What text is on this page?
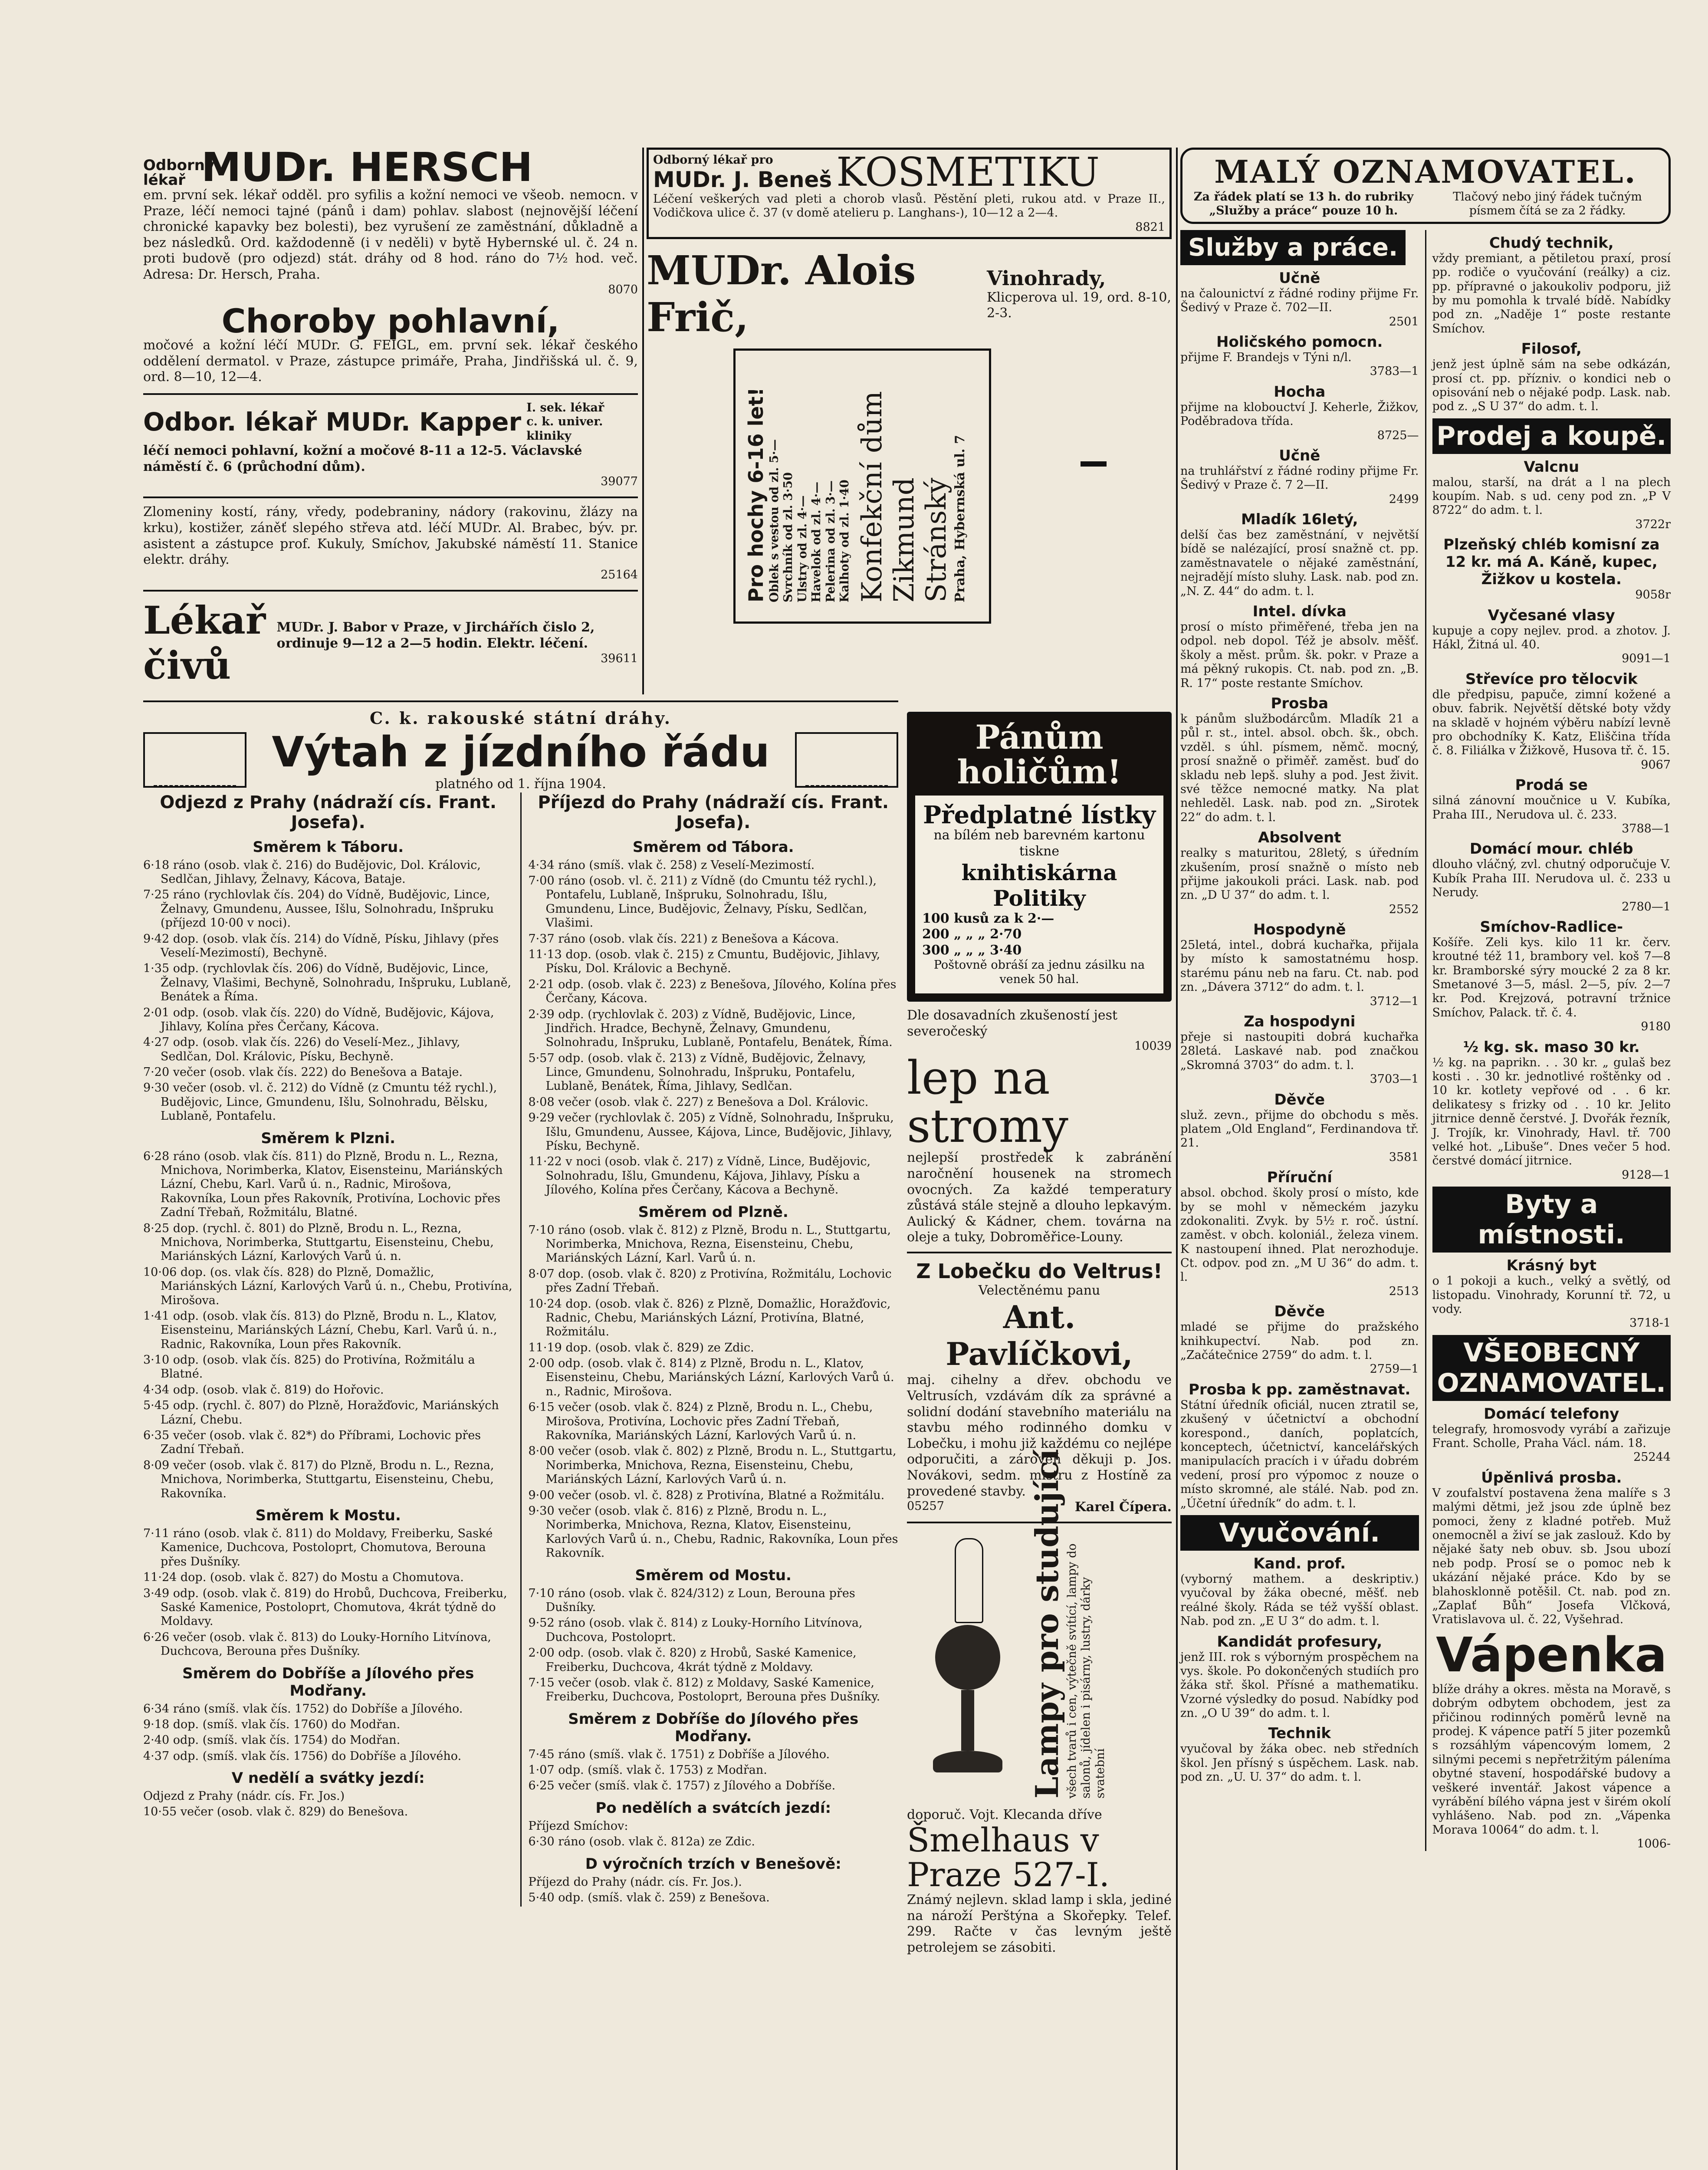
Odborný lékař MUDr. HERSCH
em. první sek. lékař odděl. pro syfilis a kožní nemoci ve všeob. nemocn. v Praze, léčí nemoci tajné (pánů i dam) pohlav. slabost (nejnovější léčení chronické kapavky bez bolesti), bez vyrušení ze zaměstnání, důkladně a bez následků. Ord. každodenně (i v neděli) v bytě Hybernské ul. č. 24 n. proti budově (pro odjezd) stát. dráhy od 8 hod. ráno do 7½ hod. več. Adresa: Dr. Hersch, Praha.
8070
Choroby pohlavní,
močové a kožní léčí MUDr. G. FEIGL, em. první sek. lékař českého oddělení dermatol. v Praze, zástupce primáře, Praha, Jindřišská ul. č. 9, ord. 8—10, 12—4.
Odbor. lékař MUDr. Kapper I. sek. lékař c. k. univer. kliniky
léčí nemoci pohlavní, kožní a močové 8-11 a 12-5. Václavské náměstí č. 6 (průchodní dům).
39077
Zlomeniny kostí, rány, vředy, podebraniny, nádory (rakovinu, žlázy na krku), kostižer, záněť slepého střeva atd. léčí MUDr. Al. Brabec, býv. pr. asistent a zástupce prof. Kukuly, Smíchov, Jakubské náměstí 11. Stanice elektr. dráhy.
25164
Lékař čivů
MUDr. J. Babor v Praze, v Jirchářích čislo 2, ordinuje 9—12 a 2—5 hodin. Elektr. léčení.
39611
Odborný lékař pro
MUDr. J. Beneš KOSMETIKU
Léčení veškerých vad pleti a chorob vlasů. Pěstění pleti, rukou atd. v Praze II., Vodičkova ulice č. 37 (v domě atelieru p. Langhans-), 10—12 a 2—4.
8821
MUDr. Alois Frič,
Vinohrady,
Klicperova ul. 19, ord. 8-10, 2-3.
Pro hochy 6-16 let! Oblek s vestou od zl. 5·— Svrchník od zl. 3·50 Ulstry od zl. 4·— Havelok od zl. 4·— Pelerina od zl. 3·— Kalhoty od zl. 1·40 Konfekční dům Zikmund Stránský Praha, Hybernská ul. 7
C. k. rakouské státní dráhy.
Výtah z jízdního řádu
platného od 1. října 1904.
Odjezd z Prahy (nádraží cís. Frant. Josefa).
Směrem k Táboru.
6·18 ráno (osob. vlak č. 216) do Budějovic, Dol. Královic, Sedlčan, Jihlavy, Želnavy, Kácova, Bataje.
7·25 ráno (rychlovlak čís. 204) do Vídně, Budějovic, Lince, Želnavy, Gmundenu, Aussee, Išlu, Solnohradu, Inšpruku (příjezd 10·00 v noci).
9·42 dop. (osob. vlak čís. 214) do Vídně, Písku, Jihlavy (přes Veselí-Mezimostí), Bechyně.
1·35 odp. (rychlovlak čís. 206) do Vídně, Budějovic, Lince, Želnavy, Vlašimi, Bechyně, Solnohradu, Inšpruku, Lublaně, Benátek a Říma.
2·01 odp. (osob. vlak čís. 220) do Vídně, Budějovic, Kájova, Jihlavy, Kolína přes Čerčany, Kácova.
4·27 odp. (osob. vlak čís. 226) do Veselí-Mez., Jihlavy, Sedlčan, Dol. Královic, Písku, Bechyně.
7·20 večer (osob. vlak čís. 222) do Benešova a Bataje.
9·30 večer (osob. vl. č. 212) do Vídně (z Cmuntu též rychl.), Budějovic, Lince, Gmundenu, Išlu, Solnohradu, Bělsku, Lublaně, Pontafelu.
Směrem k Plzni.
6·28 ráno (osob. vlak čís. 811) do Plzně, Brodu n. L., Rezna, Mnichova, Norimberka, Klatov, Eisensteinu, Mariánských Lázní, Chebu, Karl. Varů ú. n., Radnic, Mirošova, Rakovníka, Loun přes Rakovník, Protivína, Lochovic přes Zadní Třebaň, Rožmitálu, Blatné.
8·25 dop. (rychl. č. 801) do Plzně, Brodu n. L., Rezna, Mnichova, Norimberka, Stuttgartu, Eisensteinu, Chebu, Mariánských Lázní, Karlových Varů ú. n.
10·06 dop. (os. vlak čís. 828) do Plzně, Domažlic, Mariánských Lázní, Karlových Varů ú. n., Chebu, Protivína, Mirošova.
1·41 odp. (osob. vlak čís. 813) do Plzně, Brodu n. L., Klatov, Eisensteinu, Mariánských Lázní, Chebu, Karl. Varů ú. n., Radnic, Rakovníka, Loun přes Rakovník.
3·10 odp. (osob. vlak čís. 825) do Protivína, Rožmitálu a Blatné.
4·34 odp. (osob. vlak č. 819) do Hořovic.
5·45 odp. (rychl. č. 807) do Plzně, Horažďovic, Mariánských Lázní, Chebu.
6·35 večer (osob. vlak č. 82*) do Příbrami, Lochovic přes Zadní Třebaň.
8·09 večer (osob. vlak č. 817) do Plzně, Brodu n. L., Rezna, Mnichova, Norimberka, Stuttgartu, Eisensteinu, Chebu, Rakovníka.
Směrem k Mostu.
7·11 ráno (osob. vlak č. 811) do Moldavy, Freiberku, Saské Kamenice, Duchcova, Postoloprt, Chomutova, Berouna přes Dušníky.
11·24 dop. (osob. vlak č. 827) do Mostu a Chomutova.
3·49 odp. (osob. vlak č. 819) do Hrobů, Duchcova, Freiberku, Saské Kamenice, Postoloprt, Chomutova, 4krát týdně do Moldavy.
6·26 večer (osob. vlak č. 813) do Louky-Horního Litvínova, Duchcova, Berouna přes Dušníky.
Směrem do Dobříše a Jílového přes Modřany.
6·34 ráno (smíš. vlak čís. 1752) do Dobříše a Jílového.
9·18 dop. (smíš. vlak čís. 1760) do Modřan.
2·40 odp. (smíš. vlak čís. 1754) do Modřan.
4·37 odp. (smíš. vlak čís. 1756) do Dobříše a Jílového.
V nedělí a svátky jezdí:
Odjezd z Prahy (nádr. cís. Fr. Jos.)
10·55 večer (osob. vlak č. 829) do Benešova.
Příjezd do Prahy (nádraží cís. Frant. Josefa).
Směrem od Tábora.
4·34 ráno (smíš. vlak č. 258) z Veselí-Mezimostí.
7·00 ráno (osob. vl. č. 211) z Vídně (do Cmuntu též rychl.), Pontafelu, Lublaně, Inšpruku, Solnohradu, Išlu, Gmundenu, Lince, Budějovic, Želnavy, Písku, Sedlčan, Vlašimi.
7·37 ráno (osob. vlak čís. 221) z Benešova a Kácova.
11·13 dop. (osob. vlak č. 215) z Cmuntu, Budějovic, Jihlavy, Písku, Dol. Královic a Bechyně.
2·21 odp. (osob. vlak č. 223) z Benešova, Jílového, Kolína přes Čerčany, Kácova.
2·39 odp. (rychlovlak č. 203) z Vídně, Budějovic, Lince, Jindřich. Hradce, Bechyně, Želnavy, Gmundenu, Solnohradu, Inšpruku, Lublaně, Pontafelu, Benátek, Říma.
5·57 odp. (osob. vlak č. 213) z Vídně, Budějovic, Želnavy, Lince, Gmundenu, Solnohradu, Inšpruku, Pontafelu, Lublaně, Benátek, Říma, Jihlavy, Sedlčan.
8·08 večer (osob. vlak č. 227) z Benešova a Dol. Královic.
9·29 večer (rychlovlak č. 205) z Vídně, Solnohradu, Inšpruku, Išlu, Gmundenu, Aussee, Kájova, Lince, Budějovic, Jihlavy, Písku, Bechyně.
11·22 v noci (osob. vlak č. 217) z Vídně, Lince, Budějovic, Solnohradu, Išlu, Gmundenu, Kájova, Jihlavy, Písku a Jílového, Kolína přes Čerčany, Kácova a Bechyně.
Směrem od Plzně.
7·10 ráno (osob. vlak č. 812) z Plzně, Brodu n. L., Stuttgartu, Norimberka, Mnichova, Rezna, Eisensteinu, Chebu, Mariánských Lázní, Karl. Varů ú. n.
8·07 dop. (osob. vlak č. 820) z Protivína, Rožmitálu, Lochovic přes Zadní Třebaň.
10·24 dop. (osob. vlak č. 826) z Plzně, Domažlic, Horažďovic, Radnic, Chebu, Mariánských Lázní, Protivína, Blatné, Rožmitálu.
11·19 dop. (osob. vlak č. 829) ze Zdic.
2·00 odp. (osob. vlak č. 814) z Plzně, Brodu n. L., Klatov, Eisensteinu, Chebu, Mariánských Lázní, Karlových Varů ú. n., Radnic, Mirošova.
6·15 večer (osob. vlak č. 824) z Plzně, Brodu n. L., Chebu, Mirošova, Protivína, Lochovic přes Zadní Třebaň, Rakovníka, Mariánských Lázní, Karlových Varů ú. n.
8·00 večer (osob. vlak č. 802) z Plzně, Brodu n. L., Stuttgartu, Norimberka, Mnichova, Rezna, Eisensteinu, Chebu, Mariánských Lázní, Karlových Varů ú. n.
9·00 večer (osob. vl. č. 828) z Protivína, Blatné a Rožmitálu.
9·30 večer (osob. vlak č. 816) z Plzně, Brodu n. L., Norimberka, Mnichova, Rezna, Klatov, Eisensteinu, Karlových Varů ú. n., Chebu, Radnic, Rakovníka, Loun přes Rakovník.
Směrem od Mostu.
7·10 ráno (osob. vlak č. 824/312) z Loun, Berouna přes Dušníky.
9·52 ráno (osob. vlak č. 814) z Louky-Horního Litvínova, Duchcova, Postoloprt.
2·00 odp. (osob. vlak č. 820) z Hrobů, Saské Kamenice, Freiberku, Duchcova, 4krát týdně z Moldavy.
7·15 večer (osob. vlak č. 812) z Moldavy, Saské Kamenice, Freiberku, Duchcova, Postoloprt, Berouna přes Dušníky.
Směrem z Dobříše do Jílového přes Modřany.
7·45 ráno (smíš. vlak č. 1751) z Dobříše a Jílového.
1·07 odp. (smíš. vlak č. 1753) z Modřan.
6·25 večer (smíš. vlak č. 1757) z Jílového a Dobříše.
Po nedělích a svátcích jezdí:
Příjezd Smíchov:
6·30 ráno (osob. vlak č. 812a) ze Zdic.
D výročních trzích v Benešově:
Příjezd do Prahy (nádr. cís. Fr. Jos.).
5·40 odp. (smíš. vlak č. 259) z Benešova.
Pánům holičům!
Předplatné lístky
na bílém neb barevném kartonu tiskne
knihtiskárna Politiky
100 kusů za k 2·—
200 „ „ „ 2·70
300 „ „ „ 3·40
Poštovně obráší za jednu zásilku na venek 50 hal.
Dle dosavadních zkušeností jest severočeský
10039
lep na stromy
nejlepší prostředek k zabránění naročnění housenek na stromech ovocných. Za každé temperatury zůstává stále stejně a dlouho lepkavým. Aulický & Kádner, chem. továrna na oleje a tuky, Dobroměřice-Louny.
Z Lobečku do Veltrus!
Velectěnému panu
Ant. Pavlíčkovi,
maj. cihelny a dřev. obchodu ve Veltrusích, vzdávám dík za správné a solidní dodání stavebního materiálu na stavbu mého rodinného domku v Lobečku, i mohu již každému co nejlépe odporučiti, a zároveň děkuji p. Jos. Novákovi, sedm. mistru z Hostíně za provedené stavby.
05257	Karel Čípera.
Lampy pro studující všech tvarů i cen, výtečně svítící, lampy do salonů, jídelen i pisárny, lustry, dárky svatební
doporuč. Vojt. Klecanda dříve
Šmelhaus v Praze 527-I.
Známý nejlevn. sklad lamp i skla, jediné na nároží Perštýna a Skořepky. Telef. 299. Račte v čas levným ještě petrolejem se zásobiti.
MALÝ OZNAMOVATEL.
Za řádek platí se 13 h. do rubriky „Služby a práce“ pouze 10 h.
Tlačový nebo jiný řádek tučným písmem čítá se za 2 řádky.
Služby a práce.
Učně
na čalounictví z řádné rodiny přijme Fr. Šedivý v Praze č. 702—II.
2501
Holičského pomocn.
přijme F. Brandejs v Týni n/l.
3783—1
Hocha
přijme na klobouctví J. Keherle, Žižkov, Poděbradova třída.
8725—
Učně
na truhlářství z řádné rodiny přijme Fr. Šedivý v Praze č. 7 2—II.
2499
Mladík 16letý,
delší čas bez zaměstnání, v největší bídě se nalézající, prosí snažně ct. pp. zaměstnavatele o nějaké zaměstnání, nejradějí místo sluhy. Lask. nab. pod zn. „N. Z. 44“ do adm. t. l.
Intel. dívka
prosí o místo přiměřené, třeba jen na odpol. neb dopol. Též je absolv. měšť. školy a měst. prům. šk. pokr. v Praze a má pěkný rukopis. Ct. nab. pod zn. „B. R. 17“ poste restante Smíchov.
Prosba
k pánům službodárcům. Mladík 21 a půl r. st., intel. absol. obch. šk., obch. vzděl. s úhl. písmem, němč. mocný, prosí snažně o přiměř. zaměst. buď do skladu neb lepš. sluhy a pod. Jest živit. své těžce nemocné matky. Na plat nehleděl. Lask. nab. pod zn. „Sirotek 22“ do adm. t. l.
Absolvent
realky s maturitou, 28letý, s úředním zkušením, prosí snažně o místo neb přijme jakoukoli práci. Lask. nab. pod zn. „D U 37“ do adm. t. l.
2552
Hospodyně
25letá, intel., dobrá kuchařka, přijala by místo k samostatnému hosp. starému pánu neb na faru. Ct. nab. pod zn. „Dávera 3712“ do adm. t. l.
3712—1
Za hospodyni
přeje si nastoupiti dobrá kuchařka 28letá. Laskavé nab. pod značkou „Skromná 3703“ do adm. t. l.
3703—1
Děvče
služ. zevn., přijme do obchodu s měs. platem „Old England“, Ferdinandova tř. 21.
3581
Příruční
absol. obchod. školy prosí o místo, kde by se mohl v německém jazyku zdokonaliti. Zvyk. by 5½ r. roč. ústní. zaměst. v obch. koloniál., železa vinem. K nastoupení ihned. Plat nerozhoduje. Ct. odpov. pod zn. „M U 36“ do adm. t. l.
2513
Děvče
mladé se přijme do pražského knihkupectví. Nab. pod zn. „Začátečnice 2759“ do adm. t. l.
2759—1
Prosba k pp. zaměstnavat.
Státní úředník oficiál, nucen ztratil se, zkušený v účetnictví a obchodní korespond., daních, poplatcích, konceptech, účetnictví, kancelářských manipulacích pracích i v úřadu dobrém vedení, prosí pro výpomoc z nouze o místo skromné, ale stálé. Nab. pod zn. „Účetní úředník“ do adm. t. l.
Vyučování.
Kand. prof.
(vyborný mathem. a deskriptiv.) vyučoval by žáka obecné, měšť. neb reálné školy. Ráda se též vyšší oblast. Nab. pod zn. „E U 3“ do adm. t. l.
Kandidát profesury,
jenž III. rok s výborným prospěchem na vys. škole. Po dokončených studiích pro žáka stř. škol. Přísné a mathematiku. Vzorné výsledky do posud. Nabídky pod zn. „O U 39“ do adm. t. l.
Technik
vyučoval by žáka obec. neb středních škol. Jen přísný s úspěchem. Lask. nab. pod zn. „U. U. 37“ do adm. t. l.
Chudý technik,
vždy premiant, a pětiletou praxí, prosí pp. rodiče o vyučování (reálky) a ciz. pp. přípravné o jakoukoliv podporu, již by mu pomohla k trvalé bídě. Nabídky pod zn. „Naděje 1“ poste restante Smíchov.
Filosof,
jenž jest úplně sám na sebe odkázán, prosí ct. pp. přízniv. o kondici neb o opisování neb o nějaké podp. Lask. nab. pod z. „S U 37“ do adm. t. l.
Prodej a koupě.
Valcnu
malou, starší, na drát a l na plech koupím. Nab. s ud. ceny pod zn. „P V 8722“ do adm. t. l.
3722r
Plzeňský chléb komisní za 12 kr. má A. Káně, kupec, Žižkov u kostela.
9058r
Vyčesané vlasy
kupuje a copy nejlev. prod. a zhotov. J. Hákl, Žitná ul. 40.
9091—1
Střevíce pro tělocvik
dle předpisu, papuče, zimní kožené a obuv. fabrik. Největší dětské boty vždy na skladě v hojném výběru nabízí levně pro obchodníky K. Katz, Eliščina třída č. 8. Filiálka v Žižkově, Husova tř. č. 15.
9067
Prodá se
silná zánovní moučnice u V. Kubíka, Praha III., Nerudova ul. č. 233.
3788—1
Domácí mour. chléb
dlouho vláčný, zvl. chutný odporučuje V. Kubík Praha III. Nerudova ul. č. 233 u Nerudy.
2780—1
Smíchov-Radlice-
Košíře. Zeli kys. kilo 11 kr. červ. kroutné též 11, brambory vel. koš 7—8 kr. Bramborské sýry moucké 2 za 8 kr. Smetanové 3—5, másl. 2—5, pív. 2—7 kr. Pod. Krejzová, potravní tržnice Smíchov, Palack. tř. č. 4.
9180
½ kg. sk. maso 30 kr.
½ kg. na paprikn. . . 30 kr. „ gulaš bez kosti . . 30 kr. jednotlivé roštěnky od . 10 kr. kotlety vepřové od . . 6 kr. delikatesy s frizky od . . 10 kr. Jelito jitrnice denně čerstvé. J. Dvořák řezník, J. Trojík, kr. Vinohrady, Havl. tř. 700 velké hot. „Libuše“. Dnes večer 5 hod. čerstvé domácí jitrnice.
9128—1
Byty a místnosti.
Krásný byt
o 1 pokoji a kuch., velký a světlý, od listopadu. Vinohrady, Korunní tř. 72, u vody.
3718-1
VŠEOBECNÝ OZNAMOVATEL.
Domácí telefony
telegrafy, hromosvody vyrábí a zařizuje Frant. Scholle, Praha Václ. nám. 18.
25244
Úpěnlivá prosba.
V zoufalství postavena žena malíře s 3 malými dětmi, jež jsou zde úplně bez pomoci, ženy z kladné potřeb. Muž onemocněl a živí se jak zaslouž. Kdo by nějaké šaty neb obuv. sb. Jsou ubozí neb podp. Prosí se o pomoc neb k ukázání nějaké práce. Kdo by se blahosklonně potěšil. Ct. nab. pod zn. „Zaplať Bůh“ Josefa Vlčková, Vratislavova ul. č. 22, Vyšehrad.
Vápenka
blíže dráhy a okres. města na Moravě, s dobrým odbytem obchodem, jest za přičinou rodinných poměrů levně na prodej. K vápence patří 5 jiter pozemků s rozsáhlým vápencovým lomem, 2 silnými pecemi s nepřetržitým páleníma obytné stavení, hospodářské budovy a veškeré inventář. Jakost vápence a vyrábění bílého vápna jest v širém okolí vyhlášeno. Nab. pod zn. „Vápenka Morava 10064“ do adm. t. l.
1006-
